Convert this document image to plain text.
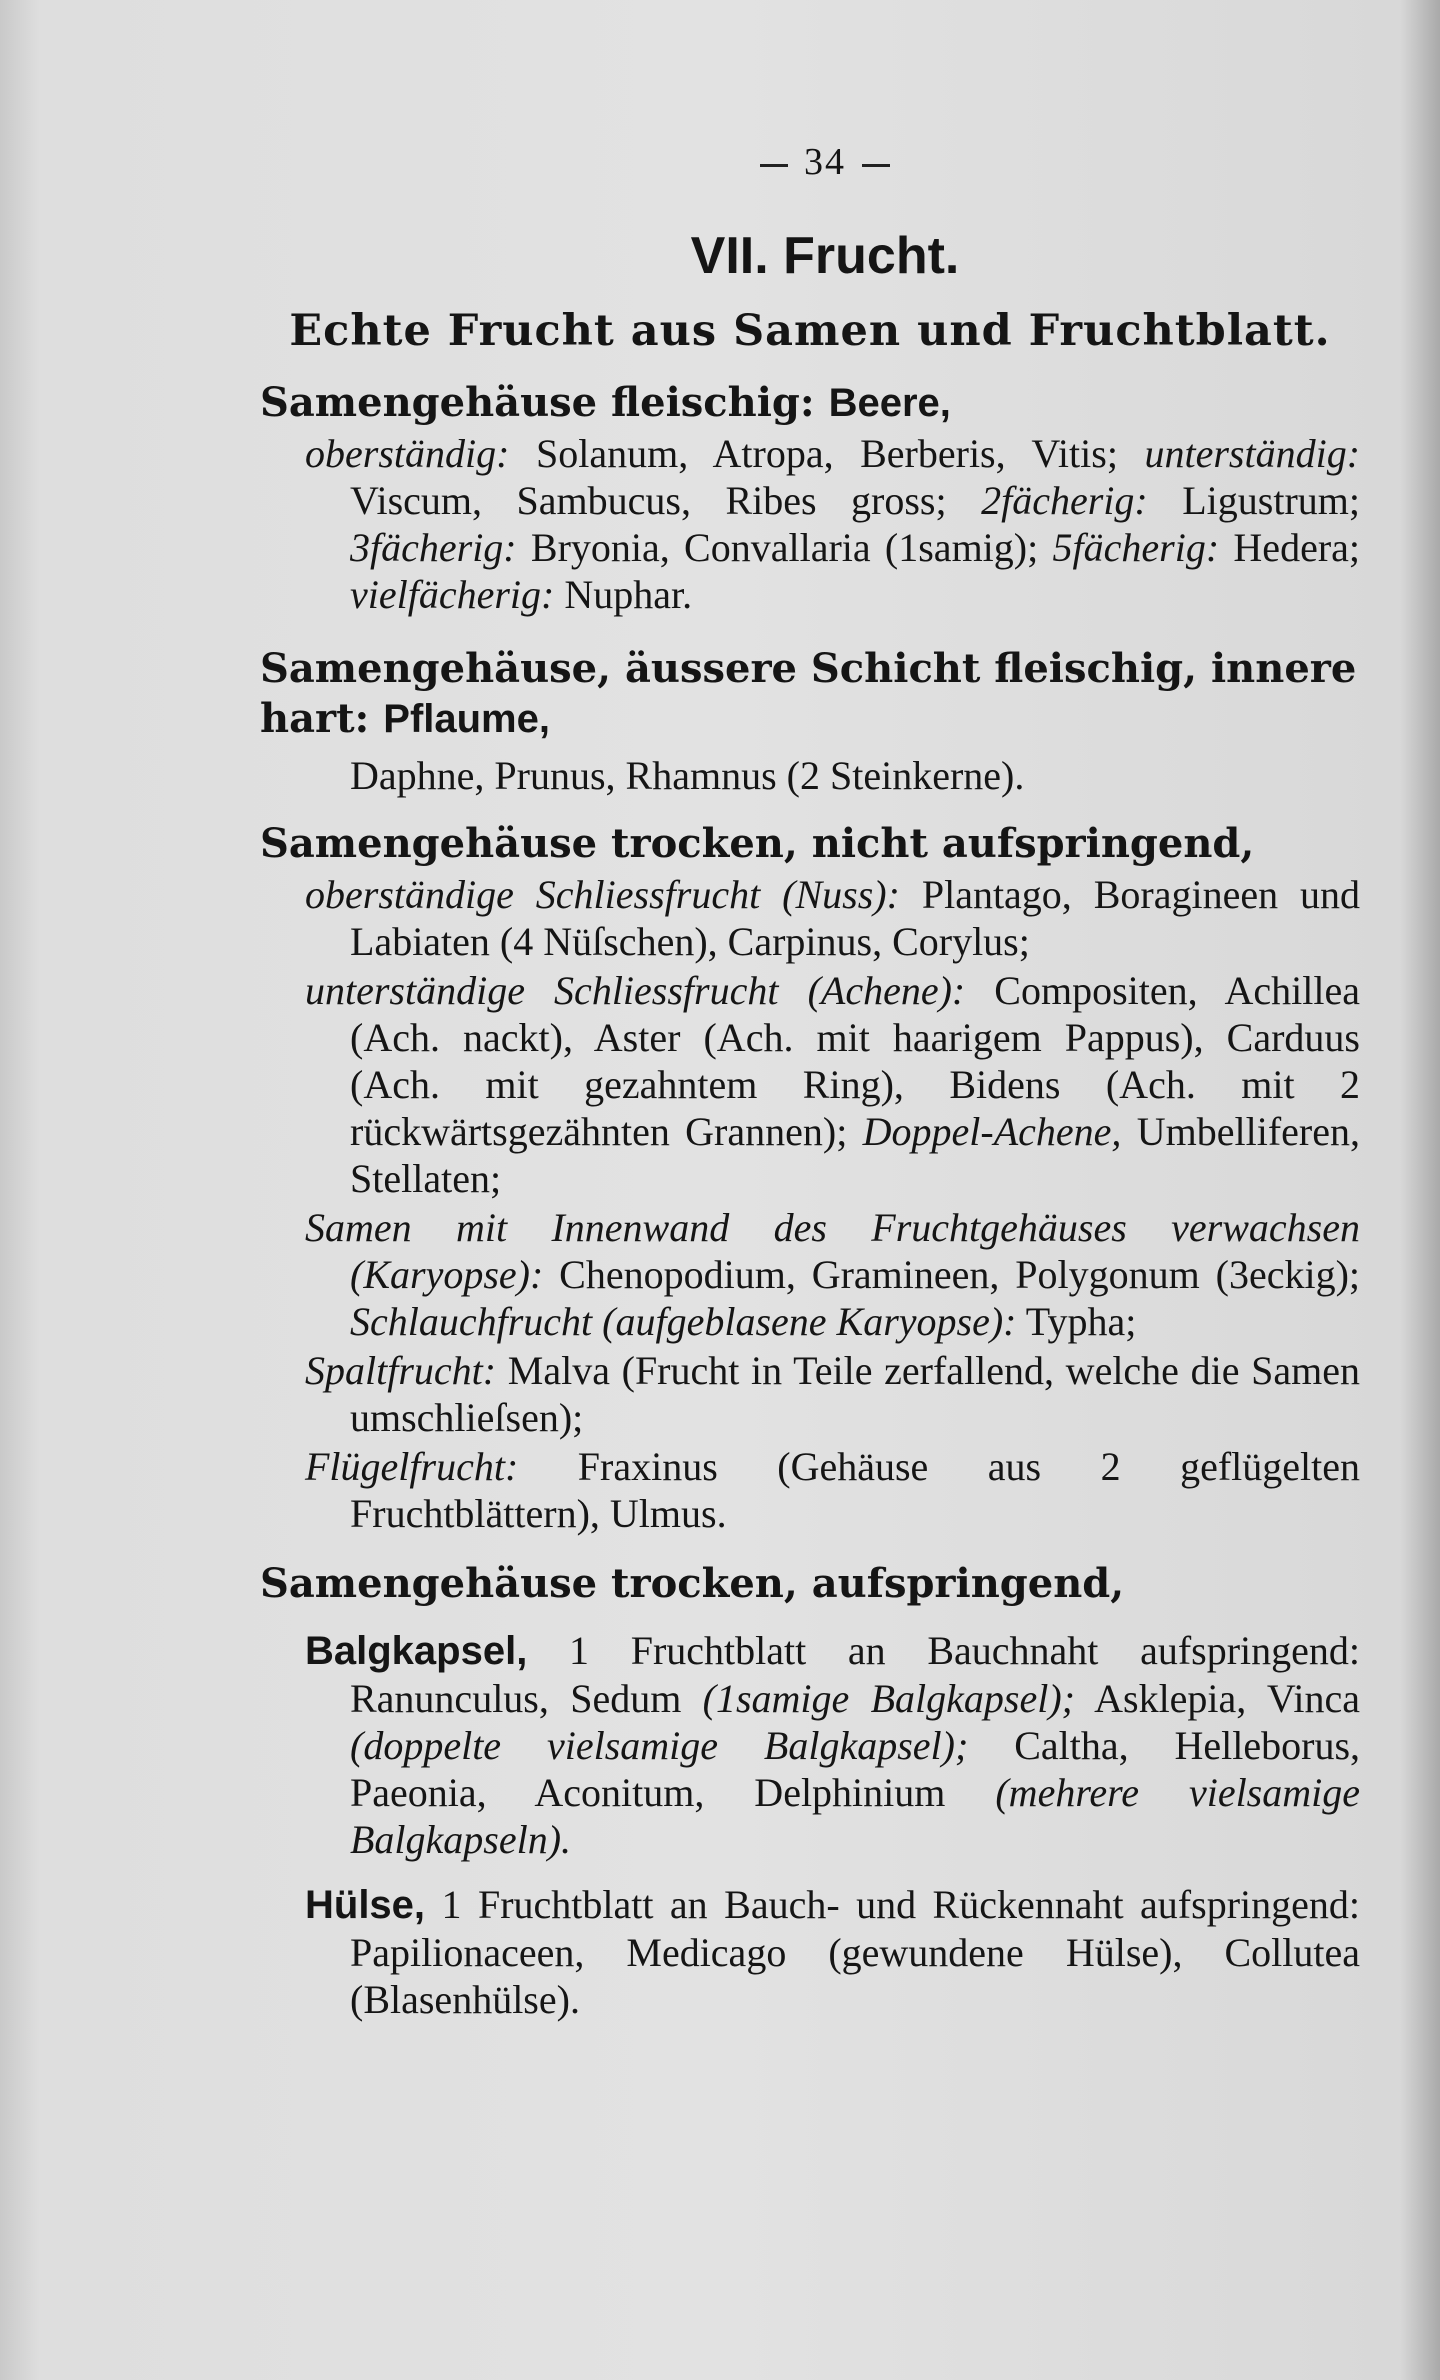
34
VII. Frucht.
Echte Frucht aus Samen und Fruchtblatt.
Samengehäuse fleischig: Beere,
oberständig: Solanum, Atropa, Berberis, Vitis; unterständig: Viscum, Sambucus, Ribes gross; 2fächerig: Ligustrum; 3fächerig: Bryonia, Convallaria (1samig); 5fächerig: Hedera; vielfächerig: Nuphar.
Samengehäuse, äussere Schicht fleischig, innere hart: Pflaume,
Daphne, Prunus, Rhamnus (2 Steinkerne).
Samengehäuse trocken, nicht aufspringend,
oberständige Schliessfrucht (Nuss): Plantago, Boragineen und Labiaten (4 Nüſschen), Carpinus, Corylus;
unterständige Schliessfrucht (Achene): Compositen, Achillea (Ach. nackt), Aster (Ach. mit haarigem Pappus), Carduus (Ach. mit gezahntem Ring), Bidens (Ach. mit 2 rückwärtsgezähnten Grannen); Doppel-Achene, Umbelliferen, Stellaten;
Samen mit Innenwand des Fruchtgehäuses verwachsen (Karyopse): Chenopodium, Gramineen, Polygonum (3eckig); Schlauchfrucht (aufgeblasene Karyopse): Typha;
Spaltfrucht: Malva (Frucht in Teile zerfallend, welche die Samen umschlieſsen);
Flügelfrucht: Fraxinus (Gehäuse aus 2 geflügelten Fruchtblättern), Ulmus.
Samengehäuse trocken, aufspringend,
Balgkapsel, 1 Fruchtblatt an Bauchnaht aufspringend: Ranunculus, Sedum (1samige Balgkapsel); Asklepia, Vinca (doppelte vielsamige Balgkapsel); Caltha, Helleborus, Paeonia, Aconitum, Delphinium (mehrere vielsamige Balgkapseln).
Hülse, 1 Fruchtblatt an Bauch- und Rückennaht aufspringend: Papilionaceen, Medicago (gewundene Hülse), Collutea (Blasenhülse).
